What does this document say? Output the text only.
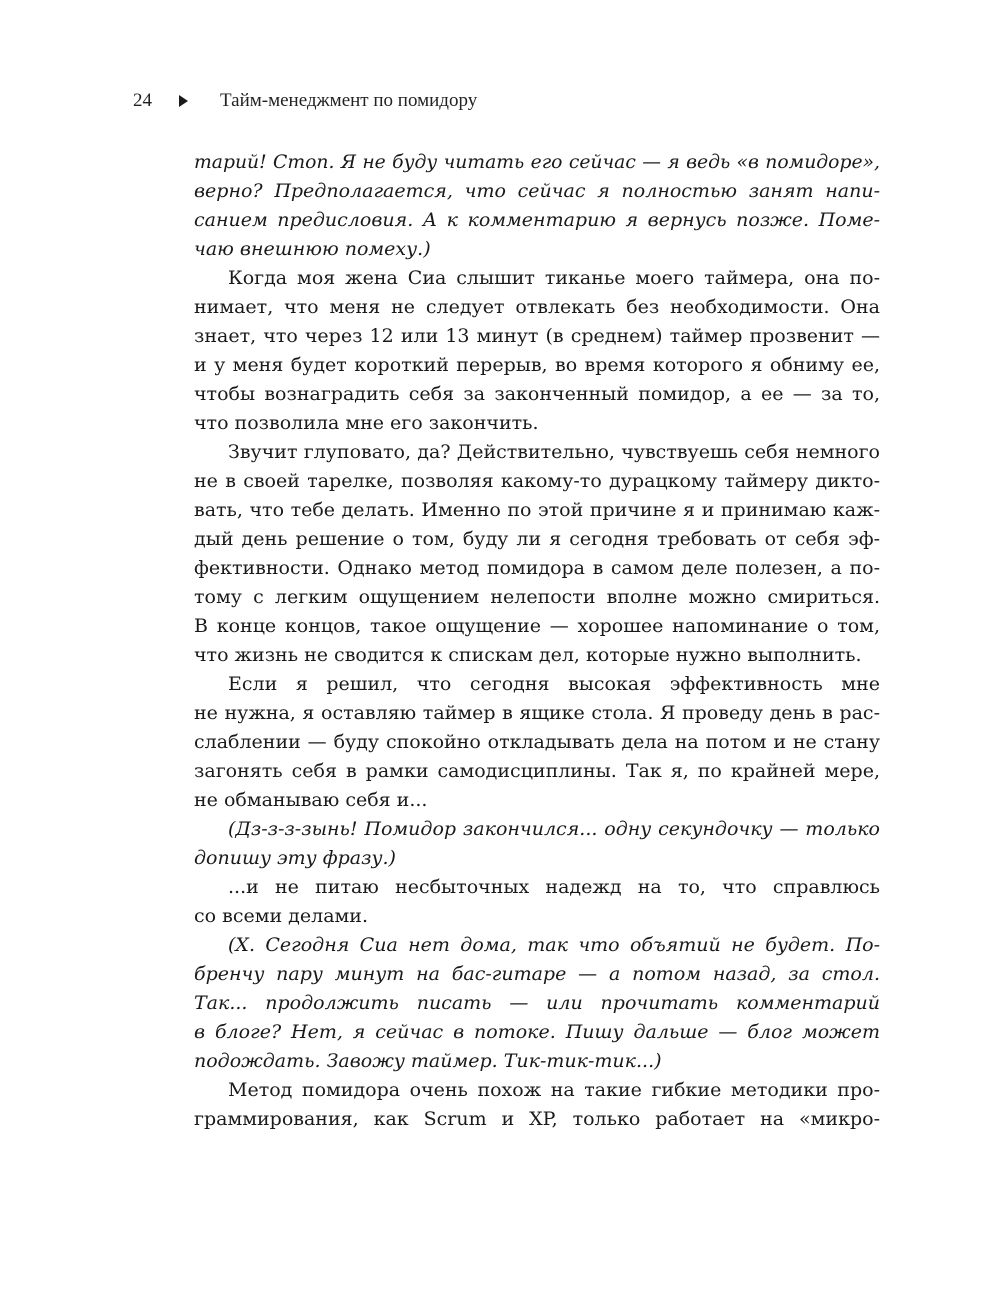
24	Тайм-менеджмент по помидору

тарий! Стоп. Я не буду читать его сейчас — я ведь «в помидоре»,
верно? Предполагается, что сейчас я полностью занят напи-
санием предисловия. А к комментарию я вернусь позже. Поме-
чаю внешнюю помеху.)

Когда моя жена Сиа слышит тиканье моего таймера, она по-
нимает, что меня не следует отвлекать без необходимости. Она
знает, что через 12 или 13 минут (в среднем) таймер прозвенит —
и у меня будет короткий перерыв, во время которого я обниму ее,
чтобы вознаградить себя за законченный помидор, а ее — за то,
что позволила мне его закончить.

Звучит глуповато, да? Действительно, чувствуешь себя немного
не в своей тарелке, позволяя какому-то дурацкому таймеру дикто-
вать, что тебе делать. Именно по этой причине я и принимаю каж-
дый день решение о том, буду ли я сегодня требовать от себя эф-
фективности. Однако метод помидора в самом деле полезен, а по-
тому с легким ощущением нелепости вполне можно смириться.
В конце концов, такое ощущение — хорошее напоминание о том,
что жизнь не сводится к спискам дел, которые нужно выполнить.

Если я решил, что сегодня высокая эффективность мне
не нужна, я оставляю таймер в ящике стола. Я проведу день в рас-
слаблении — буду спокойно откладывать дела на потом и не стану
загонять себя в рамки самодисциплины. Так я, по крайней мере,
не обманываю себя и...

(Дз-з-з-зынь! Помидор закончился... одну секундочку — только
допишу эту фразу.)

...и не питаю несбыточных надежд на то, что справлюсь
со всеми делами.

(X. Сегодня Сиа нет дома, так что объятий не будет. По-
бренчу пару минут на бас-гитаре — а потом назад, за стол.
Так... продолжить писать — или прочитать комментарий
в блоге? Нет, я сейчас в потоке. Пишу дальше — блог может
подождать. Завожу таймер. Тик-тик-тик...)

Метод помидора очень похож на такие гибкие методики про-
граммирования, как Scrum и XP, только работает на «микро-
